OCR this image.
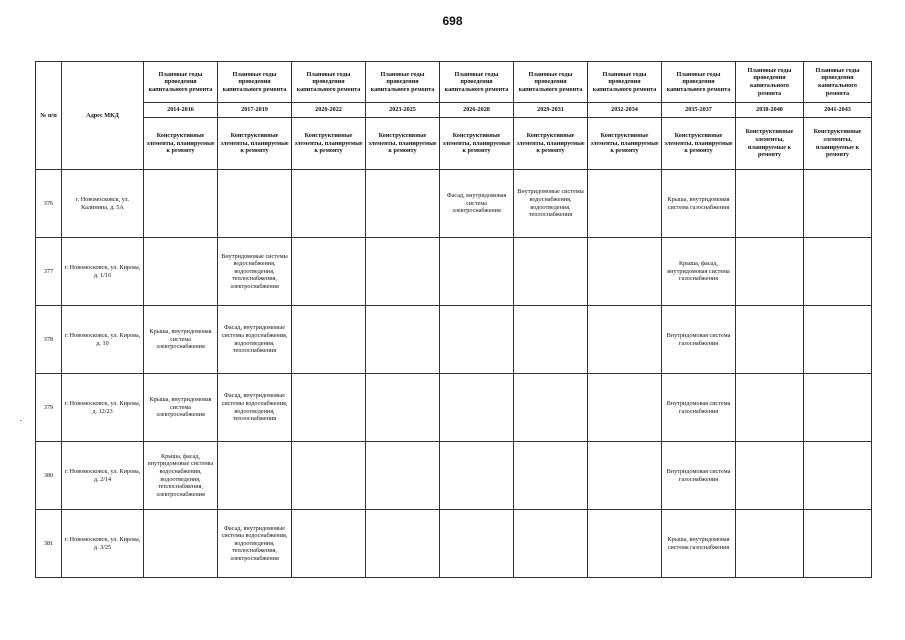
698
№ п/п	Адрес МКД	Плановые годы проведения капитального ремонта	Плановые годы проведения капитального ремонта	Плановые годы проведения капитального ремонта	Плановые годы проведения капитального ремонта	Плановые годы проведения капитального ремонта	Плановые годы проведения капитального ремонта	Плановые годы проведения капитального ремонта	Плановые годы проведения капитального ремонта	Плановые годы проведения капитального ремонта	Плановые годы проведения капитального ремонта
		2014-2016	2017-2019	2020-2022	2023-2025	2026-2028	2029-2031	2032-2034	2035-2037	2038-2040	2041-2043
		Конструктивные элементы, планируемые к ремонту	Конструктивные элементы, планируемые к ремонту	Конструктивные элементы, планируемые к ремонту	Конструктивные элементы, планируемые к ремонту	Конструктивные элементы, планируемые к ремонту	Конструктивные элементы, планируемые к ремонту	Конструктивные элементы, планируемые к ремонту	Конструктивные элементы, планируемые к ремонту	Конструктивные элементы, планируемые к ремонту	Конструктивные элементы, планируемые к ремонту
376	г. Новомосковск, ул. Калинина, д. 5А					Фасад, внутридомовая система электроснабжения	Внутридомовые системы водоснабжения, водоотведения, теплоснабжения		Крыша, внутридомовая система газоснабжения		
377	г. Новомосковск, ул. Кирова, д. 1/16		Внутридомовые системы водоснабжения, водоотведения, теплоснабжения, электроснабжения						Крыша, фасад, внутридомовая система газоснабжения		
378	г. Новомосковск, ул. Кирова, д. 10	Крыша, внутридомовая система электроснабжения	Фасад, внутридомовые системы водоснабжения, водоотведения, теплоснабжения						Внутридомовая система газоснабжения		
379	г. Новомосковск, ул. Кирова, д. 12/23	Крыша, внутридомовая система электроснабжения	Фасад, внутридомовые системы водоснабжения, водоотведения, теплоснабжения						Внутридомовая система газоснабжения		
380	г. Новомосковск, ул. Кирова, д. 2/14	Крыша, фасад, внутридомовые системы водоснабжения, водоотведения, теплоснабжения, электроснабжения							Внутридомовая система газоснабжения		
381	г. Новомосковск, ул. Кирова, д. 3/25		Фасад, внутридомовые системы водоснабжения, водоотведения, теплоснабжения, электроснабжения						Крыша, внутридомовая система газоснабжения		
